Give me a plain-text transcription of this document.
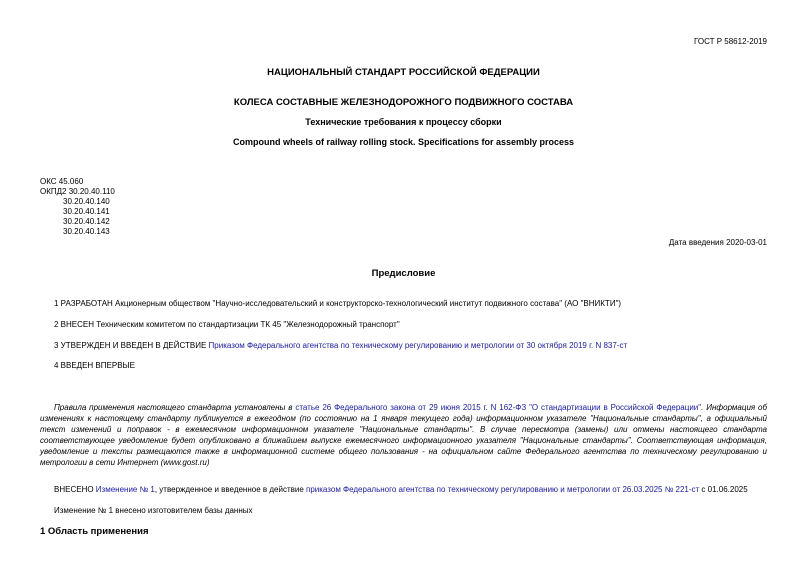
ГОСТ Р 58612-2019
НАЦИОНАЛЬНЫЙ СТАНДАРТ РОССИЙСКОЙ ФЕДЕРАЦИИ
КОЛЕСА СОСТАВНЫЕ ЖЕЛЕЗНОДОРОЖНОГО ПОДВИЖНОГО СОСТАВА
Технические требования к процессу сборки
Compound wheels of railway rolling stock. Specifications for assembly process
ОКС 45.060
ОКПД2 30.20.40.110
30.20.40.140
30.20.40.141
30.20.40.142
30.20.40.143
Дата введения 2020-03-01
Предисловие
1 РАЗРАБОТАН Акционерным обществом "Научно-исследовательский и конструкторско-технологический институт подвижного состава" (АО "ВНИКТИ")
2 ВНЕСЕН Техническим комитетом по стандартизации ТК 45 "Железнодорожный транспорт"
3 УТВЕРЖДЕН И ВВЕДЕН В ДЕЙСТВИЕ Приказом Федерального агентства по техническому регулированию и метрологии от 30 октября 2019 г. N 837-ст
4 ВВЕДЕН ВПЕРВЫЕ
Правила применения настоящего стандарта установлены в статье 26 Федерального закона от 29 июня 2015 г. N 162-ФЗ "О стандартизации в Российской Федерации". Информация об изменениях к настоящему стандарту публикуется в ежегодном (по состоянию на 1 января текущего года) информационном указателе "Национальные стандарты", а официальный текст изменений и поправок - в ежемесячном информационном указателе "Национальные стандарты". В случае пересмотра (замены) или отмены настоящего стандарта соответствующее уведомление будет опубликовано в ближайшем выпуске ежемесячного информационного указателя "Национальные стандарты". Соответствующая информация, уведомление и тексты размещаются также в информационной системе общего пользования - на официальном сайте Федерального агентства по техническому регулированию и метрологии в сети Интернет (www.gost.ru)
ВНЕСЕНО Изменение № 1, утвержденное и введенное в действие приказом Федерального агентства по техническому регулированию и метрологии от 26.03.2025 № 221-ст с 01.06.2025
Изменение № 1 внесено изготовителем базы данных
1 Область применения
